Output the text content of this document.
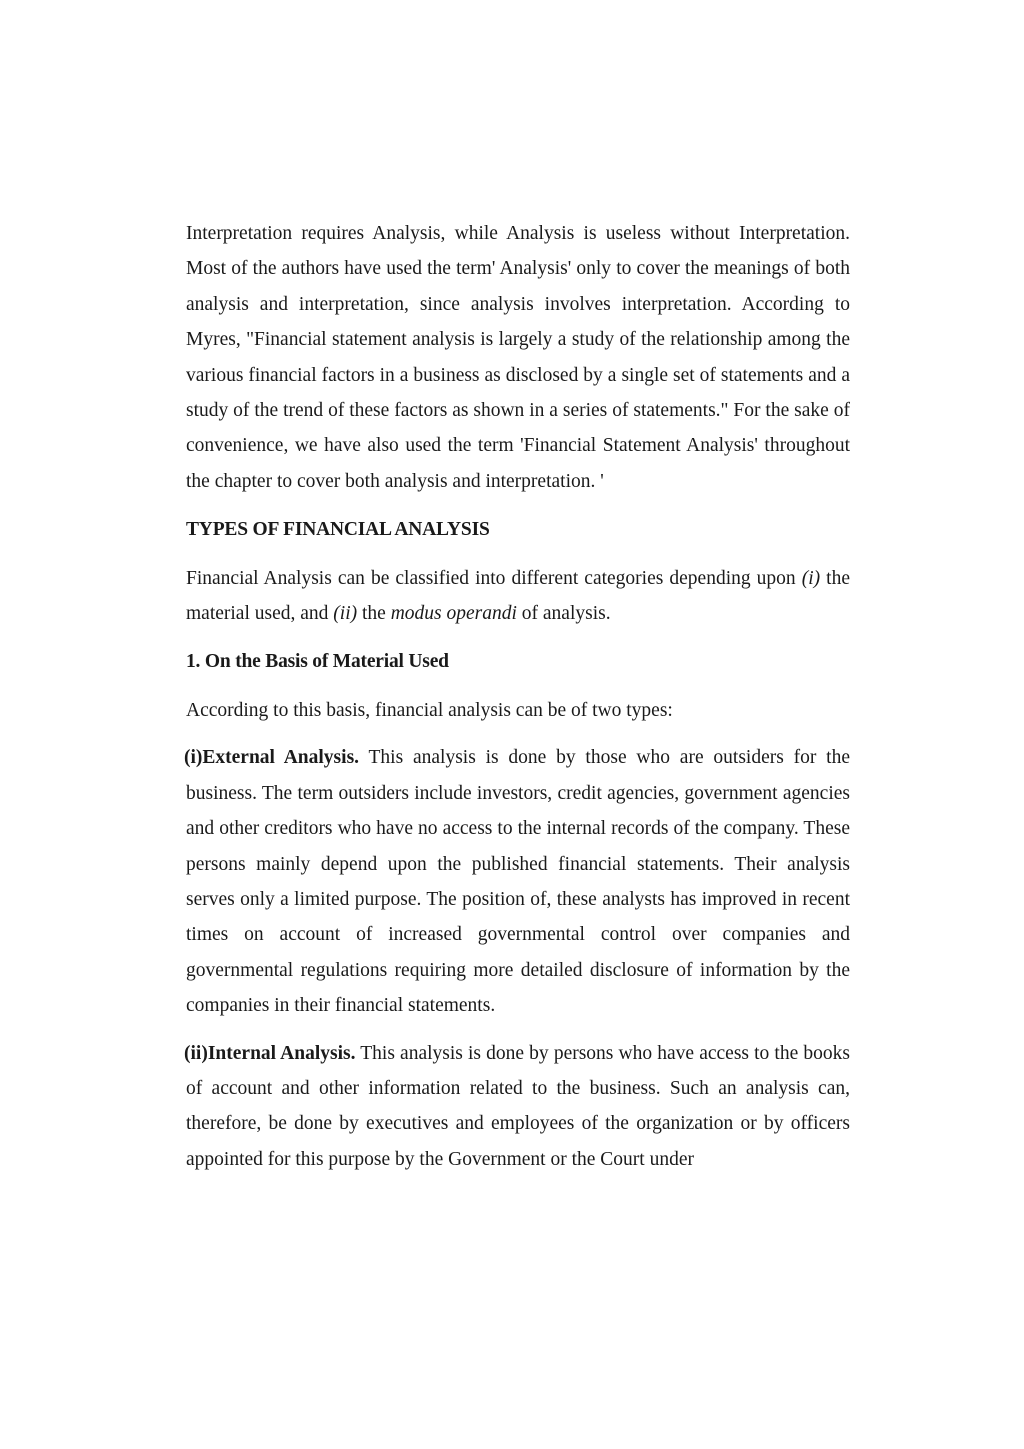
Interpretation requires Analysis, while Analysis is useless without Interpretation. Most of the authors have used the term' Analysis' only to cover the meanings of both analysis and interpretation, since analysis involves interpretation. According to Myres, "Financial statement analysis is largely a study of the relationship among the various financial factors in a business as disclosed by a single set of statements and a study of the trend of these factors as shown in a series of statements." For the sake of convenience, we have also used the term 'Financial Statement Analysis' throughout the chapter to cover both analysis and interpretation. '

TYPES OF FINANCIAL ANALYSIS

Financial Analysis can be classified into different categories depending upon (i) the material used, and (ii) the modus operandi of analysis.

1. On the Basis of Material Used

According to this basis, financial analysis can be of two types:

(i)External Analysis. This analysis is done by those who are outsiders for the business. The term outsiders include investors, credit agencies, government agencies and other creditors who have no access to the internal records of the company. These persons mainly depend upon the published financial statements. Their analysis serves only a limited purpose. The position of, these analysts has improved in recent times on account of increased governmental control over companies and governmental regulations requiring more detailed disclosure of information by the companies in their financial statements.

(ii)Internal Analysis. This analysis is done by persons who have access to the books of account and other information related to the business. Such an analysis can, therefore, be done by executives and employees of the organization or by officers appointed for this purpose by the Government or the Court under
